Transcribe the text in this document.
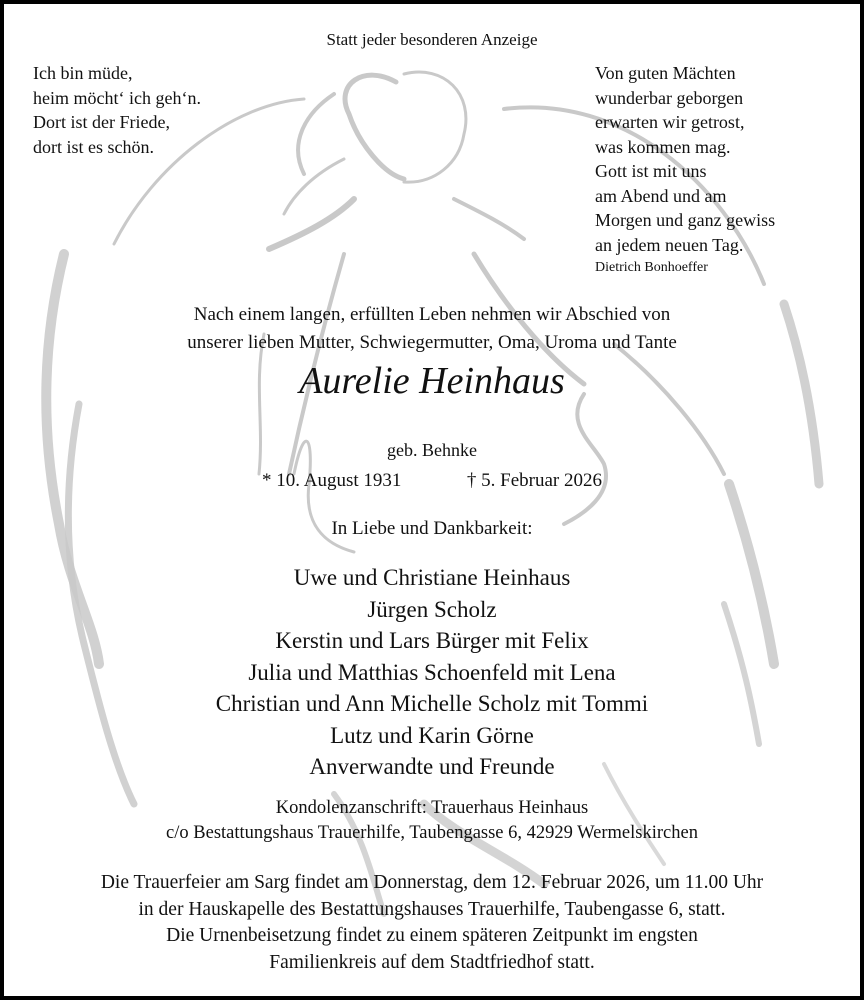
Statt jeder besonderen Anzeige
Ich bin müde,
heim möcht‘ ich geh‘n.
Dort ist der Friede,
dort ist es schön.
Von guten Mächten
wunderbar geborgen
erwarten wir getrost,
was kommen mag.
Gott ist mit uns
am Abend und am
Morgen und ganz gewiss
an jedem neuen Tag.
Dietrich Bonhoeffer
Nach einem langen, erfüllten Leben nehmen wir Abschied von
unserer lieben Mutter, Schwiegermutter, Oma, Uroma und Tante
Aurelie Heinhaus
geb. Behnke
* 10. August 1931	† 5. Februar 2026
In Liebe und Dankbarkeit:
Uwe und Christiane Heinhaus
Jürgen Scholz
Kerstin und Lars Bürger mit Felix
Julia und Matthias Schoenfeld mit Lena
Christian und Ann Michelle Scholz mit Tommi
Lutz und Karin Görne
Anverwandte und Freunde
Kondolenzanschrift: Trauerhaus Heinhaus
c/o Bestattungshaus Trauerhilfe, Taubengasse 6, 42929 Wermelskirchen
Die Trauerfeier am Sarg findet am Donnerstag, dem 12. Februar 2026, um 11.00 Uhr
in der Hauskapelle des Bestattungshauses Trauerhilfe, Taubengasse 6, statt.
Die Urnenbeisetzung findet zu einem späteren Zeitpunkt im engsten
Familienkreis auf dem Stadtfriedhof statt.
